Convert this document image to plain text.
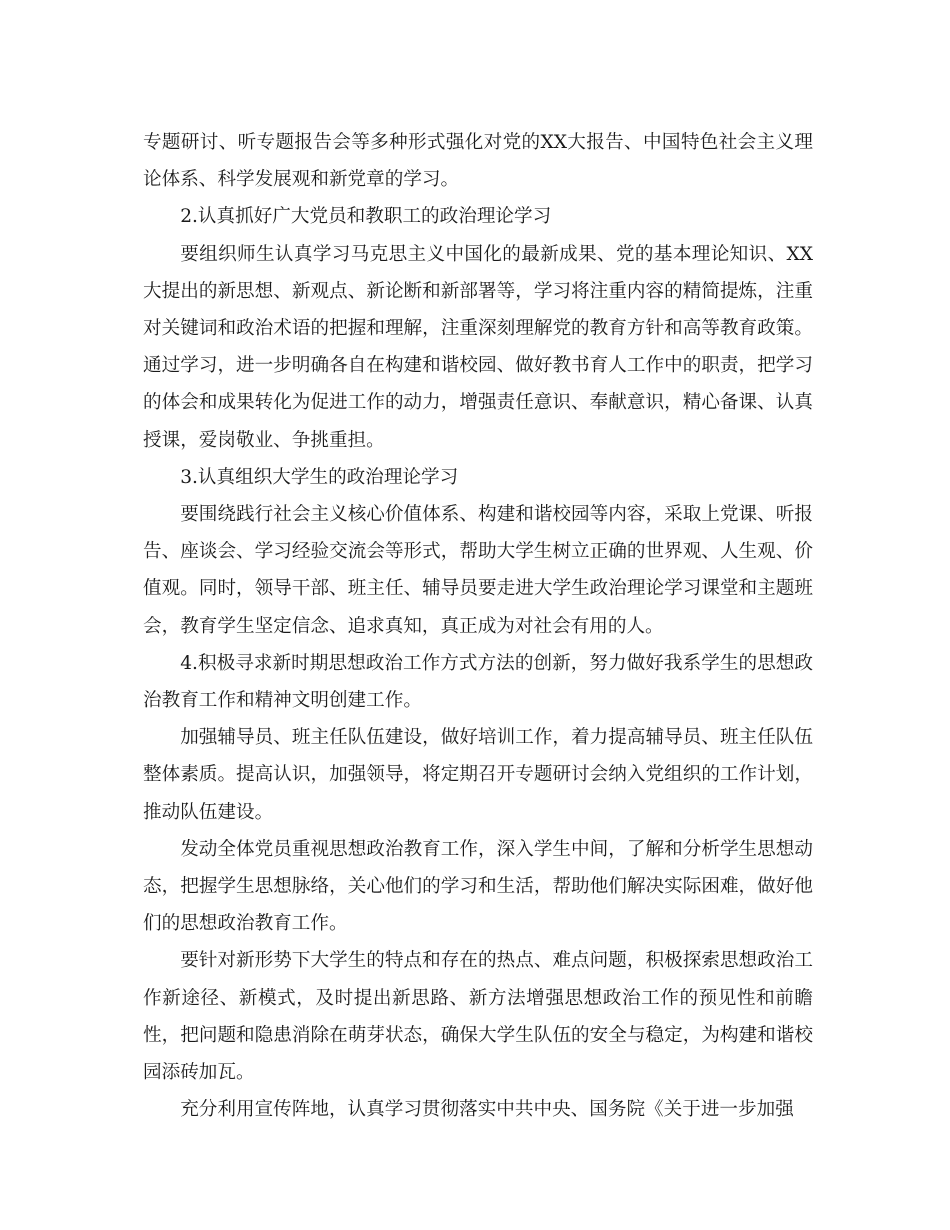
专题研讨、听专题报告会等多种形式强化对党的XX大报告、中国特色社会主义理论体系、科学发展观和新党章的学习。

2.认真抓好广大党员和教职工的政治理论学习

要组织师生认真学习马克思主义中国化的最新成果、党的基本理论知识、XX大提出的新思想、新观点、新论断和新部署等，学习将注重内容的精简提炼，注重对关键词和政治术语的把握和理解，注重深刻理解党的教育方针和高等教育政策。通过学习，进一步明确各自在构建和谐校园、做好教书育人工作中的职责，把学习的体会和成果转化为促进工作的动力，增强责任意识、奉献意识，精心备课、认真授课，爱岗敬业、争挑重担。

3.认真组织大学生的政治理论学习

要围绕践行社会主义核心价值体系、构建和谐校园等内容，采取上党课、听报告、座谈会、学习经验交流会等形式，帮助大学生树立正确的世界观、人生观、价值观。同时，领导干部、班主任、辅导员要走进大学生政治理论学习课堂和主题班会，教育学生坚定信念、追求真知，真正成为对社会有用的人。

4.积极寻求新时期思想政治工作方式方法的创新，努力做好我系学生的思想政治教育工作和精神文明创建工作。

加强辅导员、班主任队伍建设，做好培训工作，着力提高辅导员、班主任队伍整体素质。提高认识，加强领导，将定期召开专题研讨会纳入党组织的工作计划，推动队伍建设。

发动全体党员重视思想政治教育工作，深入学生中间，了解和分析学生思想动态，把握学生思想脉络，关心他们的学习和生活，帮助他们解决实际困难，做好他们的思想政治教育工作。

要针对新形势下大学生的特点和存在的热点、难点问题，积极探索思想政治工作新途径、新模式，及时提出新思路、新方法增强思想政治工作的预见性和前瞻性，把问题和隐患消除在萌芽状态，确保大学生队伍的安全与稳定，为构建和谐校园添砖加瓦。

充分利用宣传阵地，认真学习贯彻落实中共中央、国务院《关于进一步加强
